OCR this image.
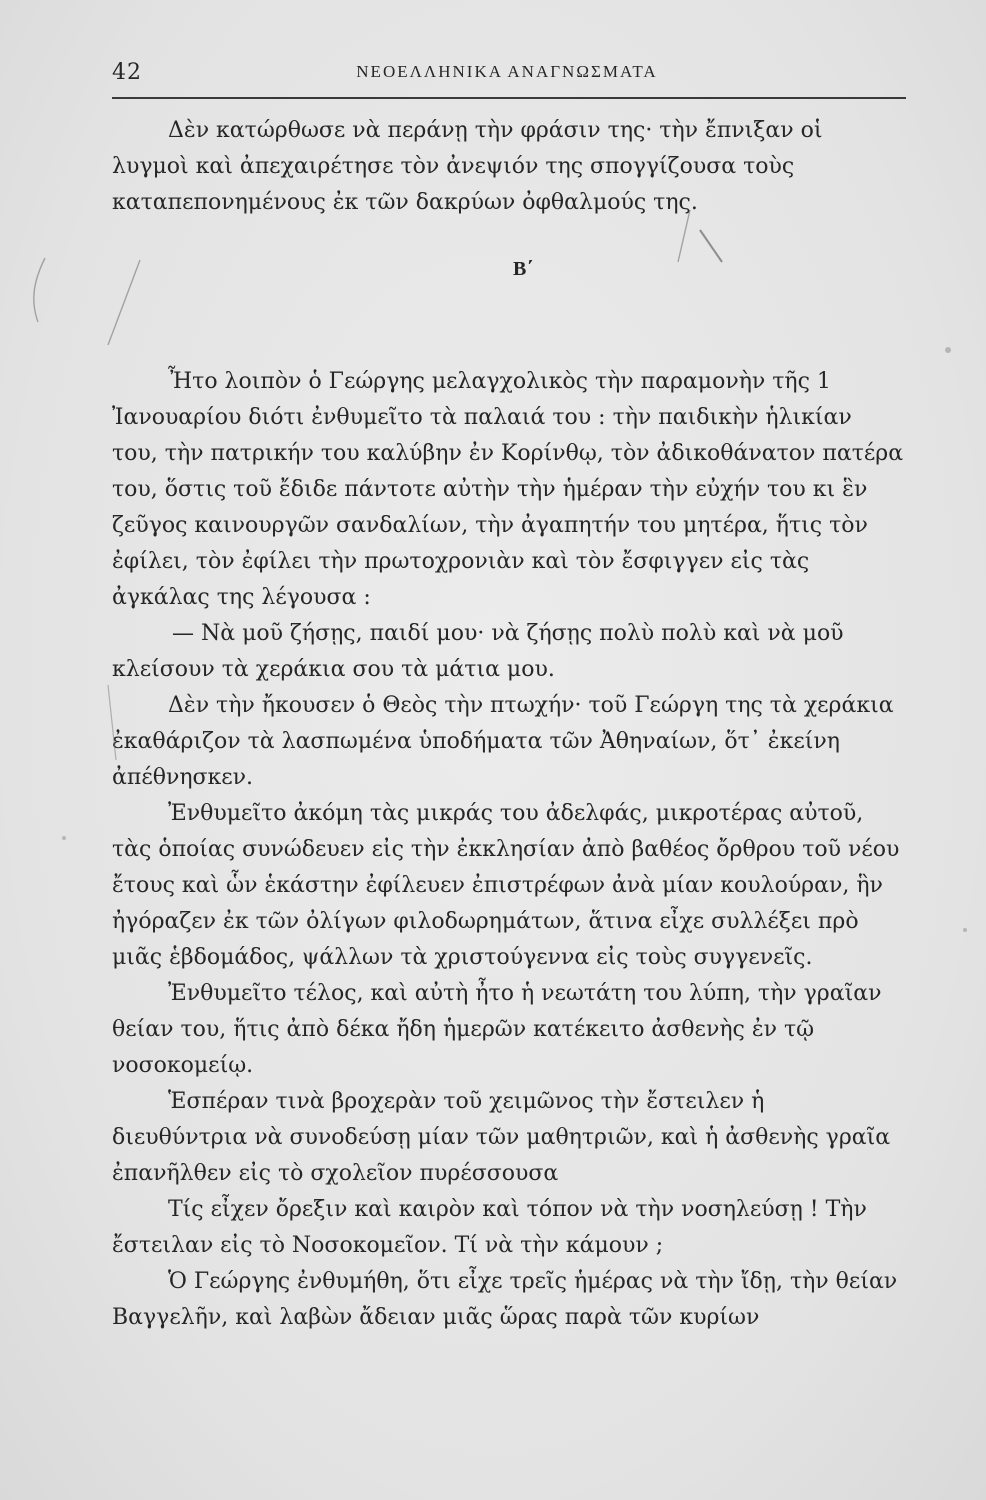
42	ΝΕΟΕΛΛΗΝΙΚΑ ΑΝΑΓΝΩΣΜΑΤΑ

Δὲν κατώρθωσε νὰ περάνῃ τὴν φράσιν της· τὴν ἔπνιξαν οἱ λυγμοὶ καὶ ἀπεχαιρέτησε τὸν ἀνεψιόν της σπογγίζουσα τοὺς καταπεπονημένους ἐκ τῶν δακρύων ὀφθαλμούς της.

Β΄

Ἦτο λοιπὸν ὁ Γεώργης μελαγχολικὸς τὴν παραμονὴν τῆς 1 Ἰανουαρίου διότι ἐνθυμεῖτο τὰ παλαιά του : τὴν παιδικὴν ἡλικίαν του, τὴν πατρικήν του καλύβην ἐν Κορίνθῳ, τὸν ἀδικοθάνατον πατέρα του, ὅστις τοῦ ἔδιδε πάντοτε αὐτὴν τὴν ἡμέραν τὴν εὐχήν του κι ἓν ζεῦγος καινουργῶν σανδαλίων, τὴν ἀγαπητήν του μητέρα, ἥτις τὸν ἐφίλει, τὸν ἐφίλει τὴν πρωτοχρονιὰν καὶ τὸν ἔσφιγγεν εἰς τὰς ἀγκάλας της λέγουσα :

— Νὰ μοῦ ζήσῃς, παιδί μου· νὰ ζήσῃς πολὺ πολὺ καὶ νὰ μοῦ κλείσουν τὰ χεράκια σου τὰ μάτια μου.

Δὲν τὴν ἤκουσεν ὁ Θεὸς τὴν πτωχήν· τοῦ Γεώργη της τὰ χεράκια ἐκαθάριζον τὰ λασπωμένα ὑποδήματα τῶν Ἀθηναίων, ὅτ᾽ ἐκείνη ἀπέθνησκεν.

Ἐνθυμεῖτο ἀκόμη τὰς μικράς του ἀδελφάς, μικροτέρας αὐτοῦ, τὰς ὁποίας συνώδευεν εἰς τὴν ἐκκλησίαν ἀπὸ βαθέος ὄρθρου τοῦ νέου ἔτους καὶ ὧν ἑκάστην ἐφίλευεν ἐπιστρέφων ἀνὰ μίαν κουλούραν, ἣν ἠγόραζεν ἐκ τῶν ὀλίγων φιλοδωρημάτων, ἅτινα εἶχε συλλέξει πρὸ μιᾶς ἑβδομάδος, ψάλλων τὰ χριστούγεννα εἰς τοὺς συγγενεῖς.

Ἐνθυμεῖτο τέλος, καὶ αὐτὴ ἦτο ἡ νεωτάτη του λύπη, τὴν γραῖαν θείαν του, ἥτις ἀπὸ δέκα ἤδη ἡμερῶν κατέκειτο ἀσθενὴς ἐν τῷ νοσοκομείῳ.

Ἑσπέραν τινὰ βροχερὰν τοῦ χειμῶνος τὴν ἔστειλεν ἡ διευθύντρια νὰ συνοδεύσῃ μίαν τῶν μαθητριῶν, καὶ ἡ ἀσθενὴς γραῖα ἐπανῆλθεν εἰς τὸ σχολεῖον πυρέσσουσα

Τίς εἶχεν ὄρεξιν καὶ καιρὸν καὶ τόπον νὰ τὴν νοσηλεύσῃ ! Τὴν ἔστειλαν εἰς τὸ Νοσοκομεῖον. Τί νὰ τὴν κάμουν ;

Ὁ Γεώργης ἐνθυμήθη, ὅτι εἶχε τρεῖς ἡμέρας νὰ τὴν ἴδῃ, τὴν θείαν Βαγγελῆν, καὶ λαβὼν ἄδειαν μιᾶς ὥρας παρὰ τῶν κυρίων
